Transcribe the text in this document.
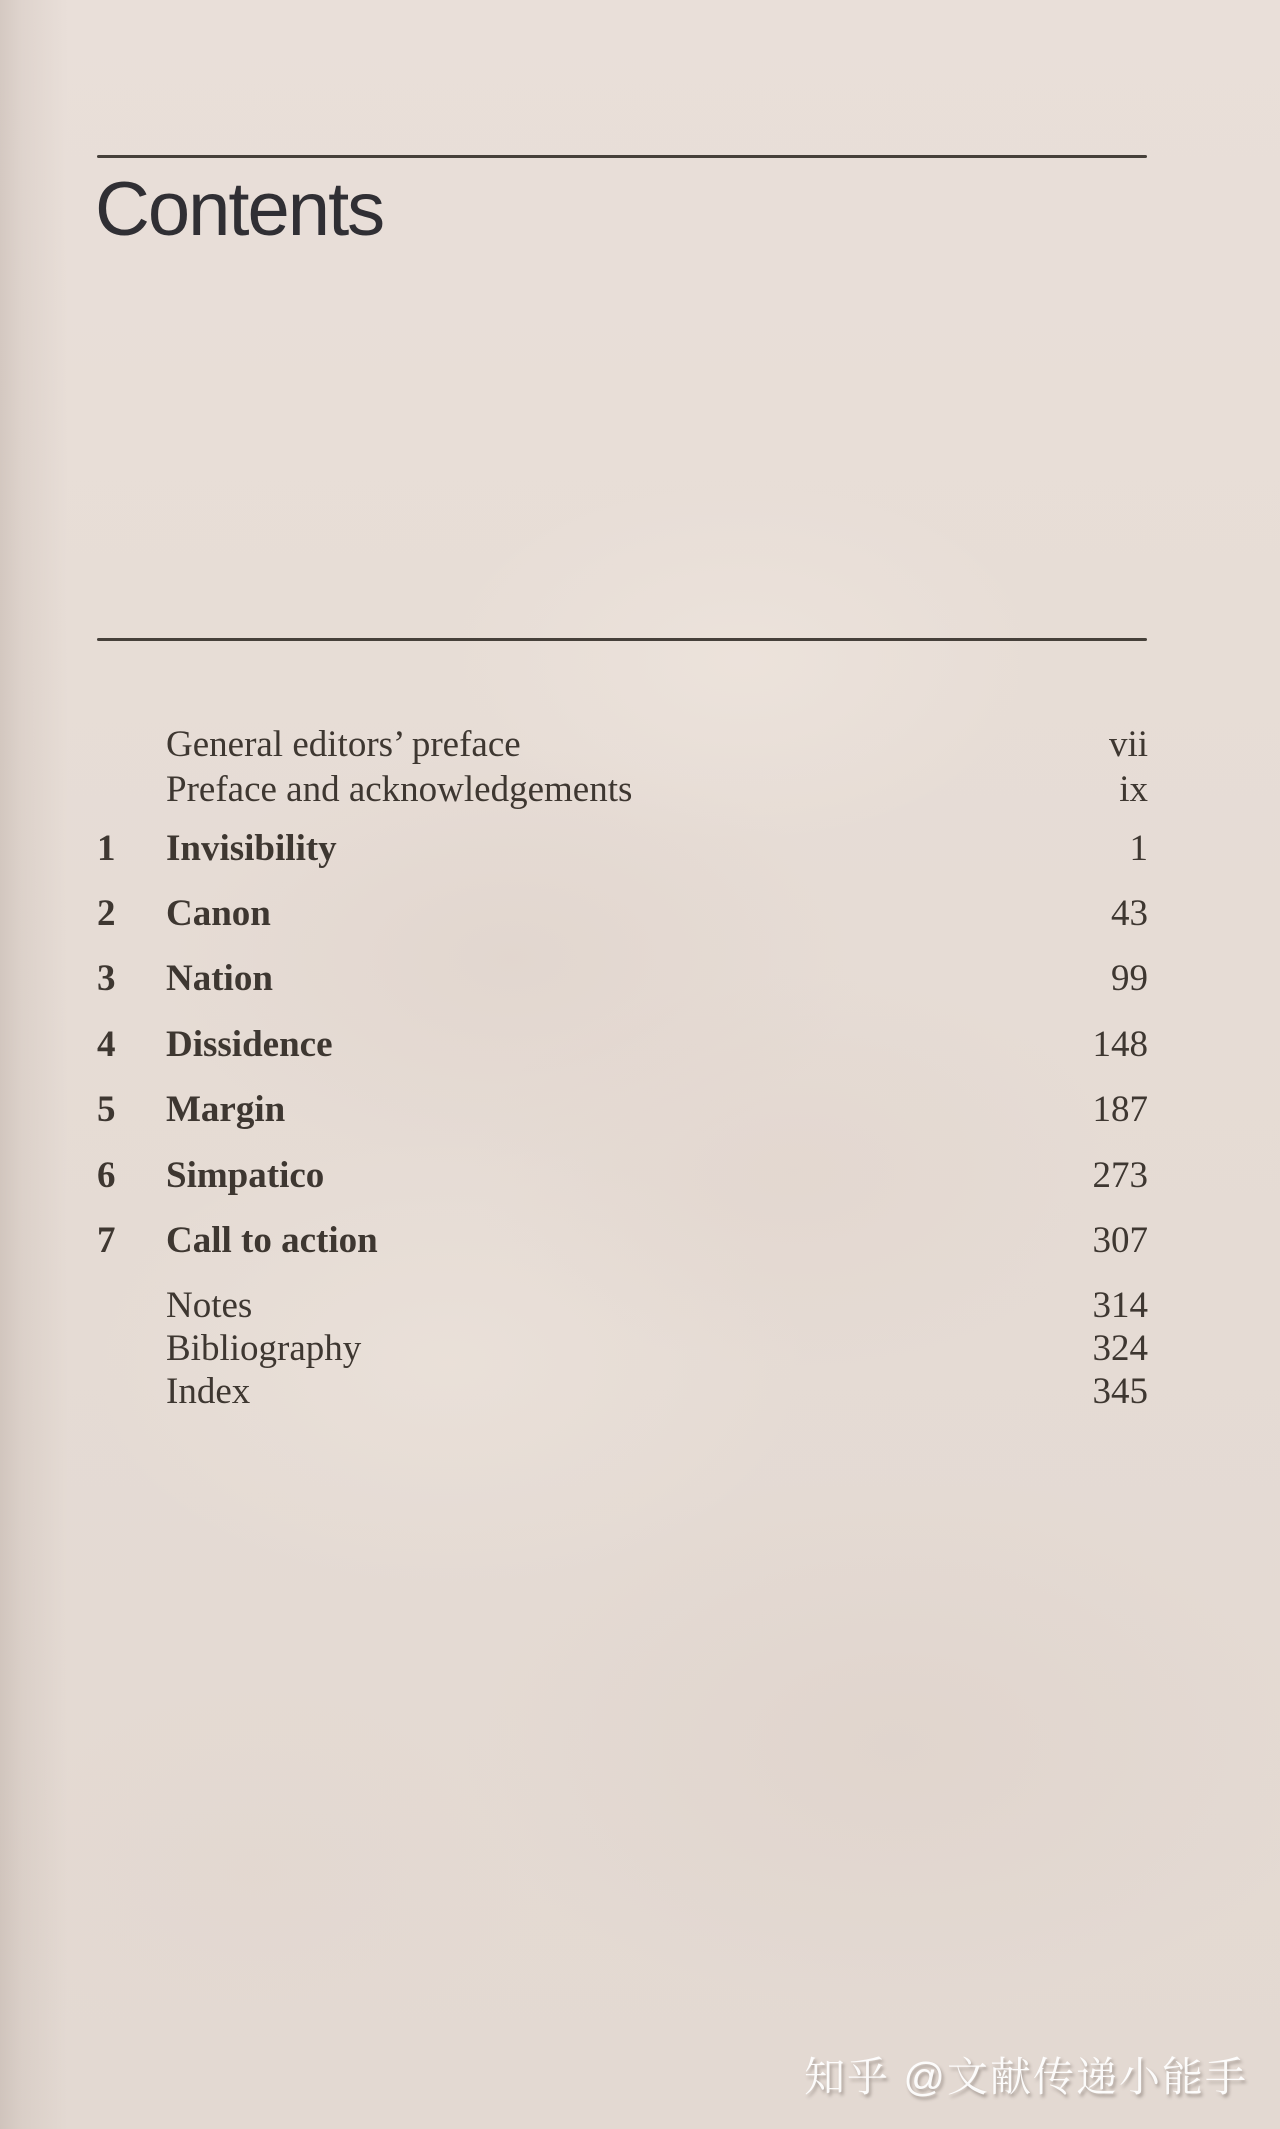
Contents
General editors’ preface	vii
Preface and acknowledgements	ix
1	Invisibility	1
2	Canon	43
3	Nation	99
4	Dissidence	148
5	Margin	187
6	Simpatico	273
7	Call to action	307
Notes	314
Bibliography	324
Index	345
知乎 @文献传递小能手
